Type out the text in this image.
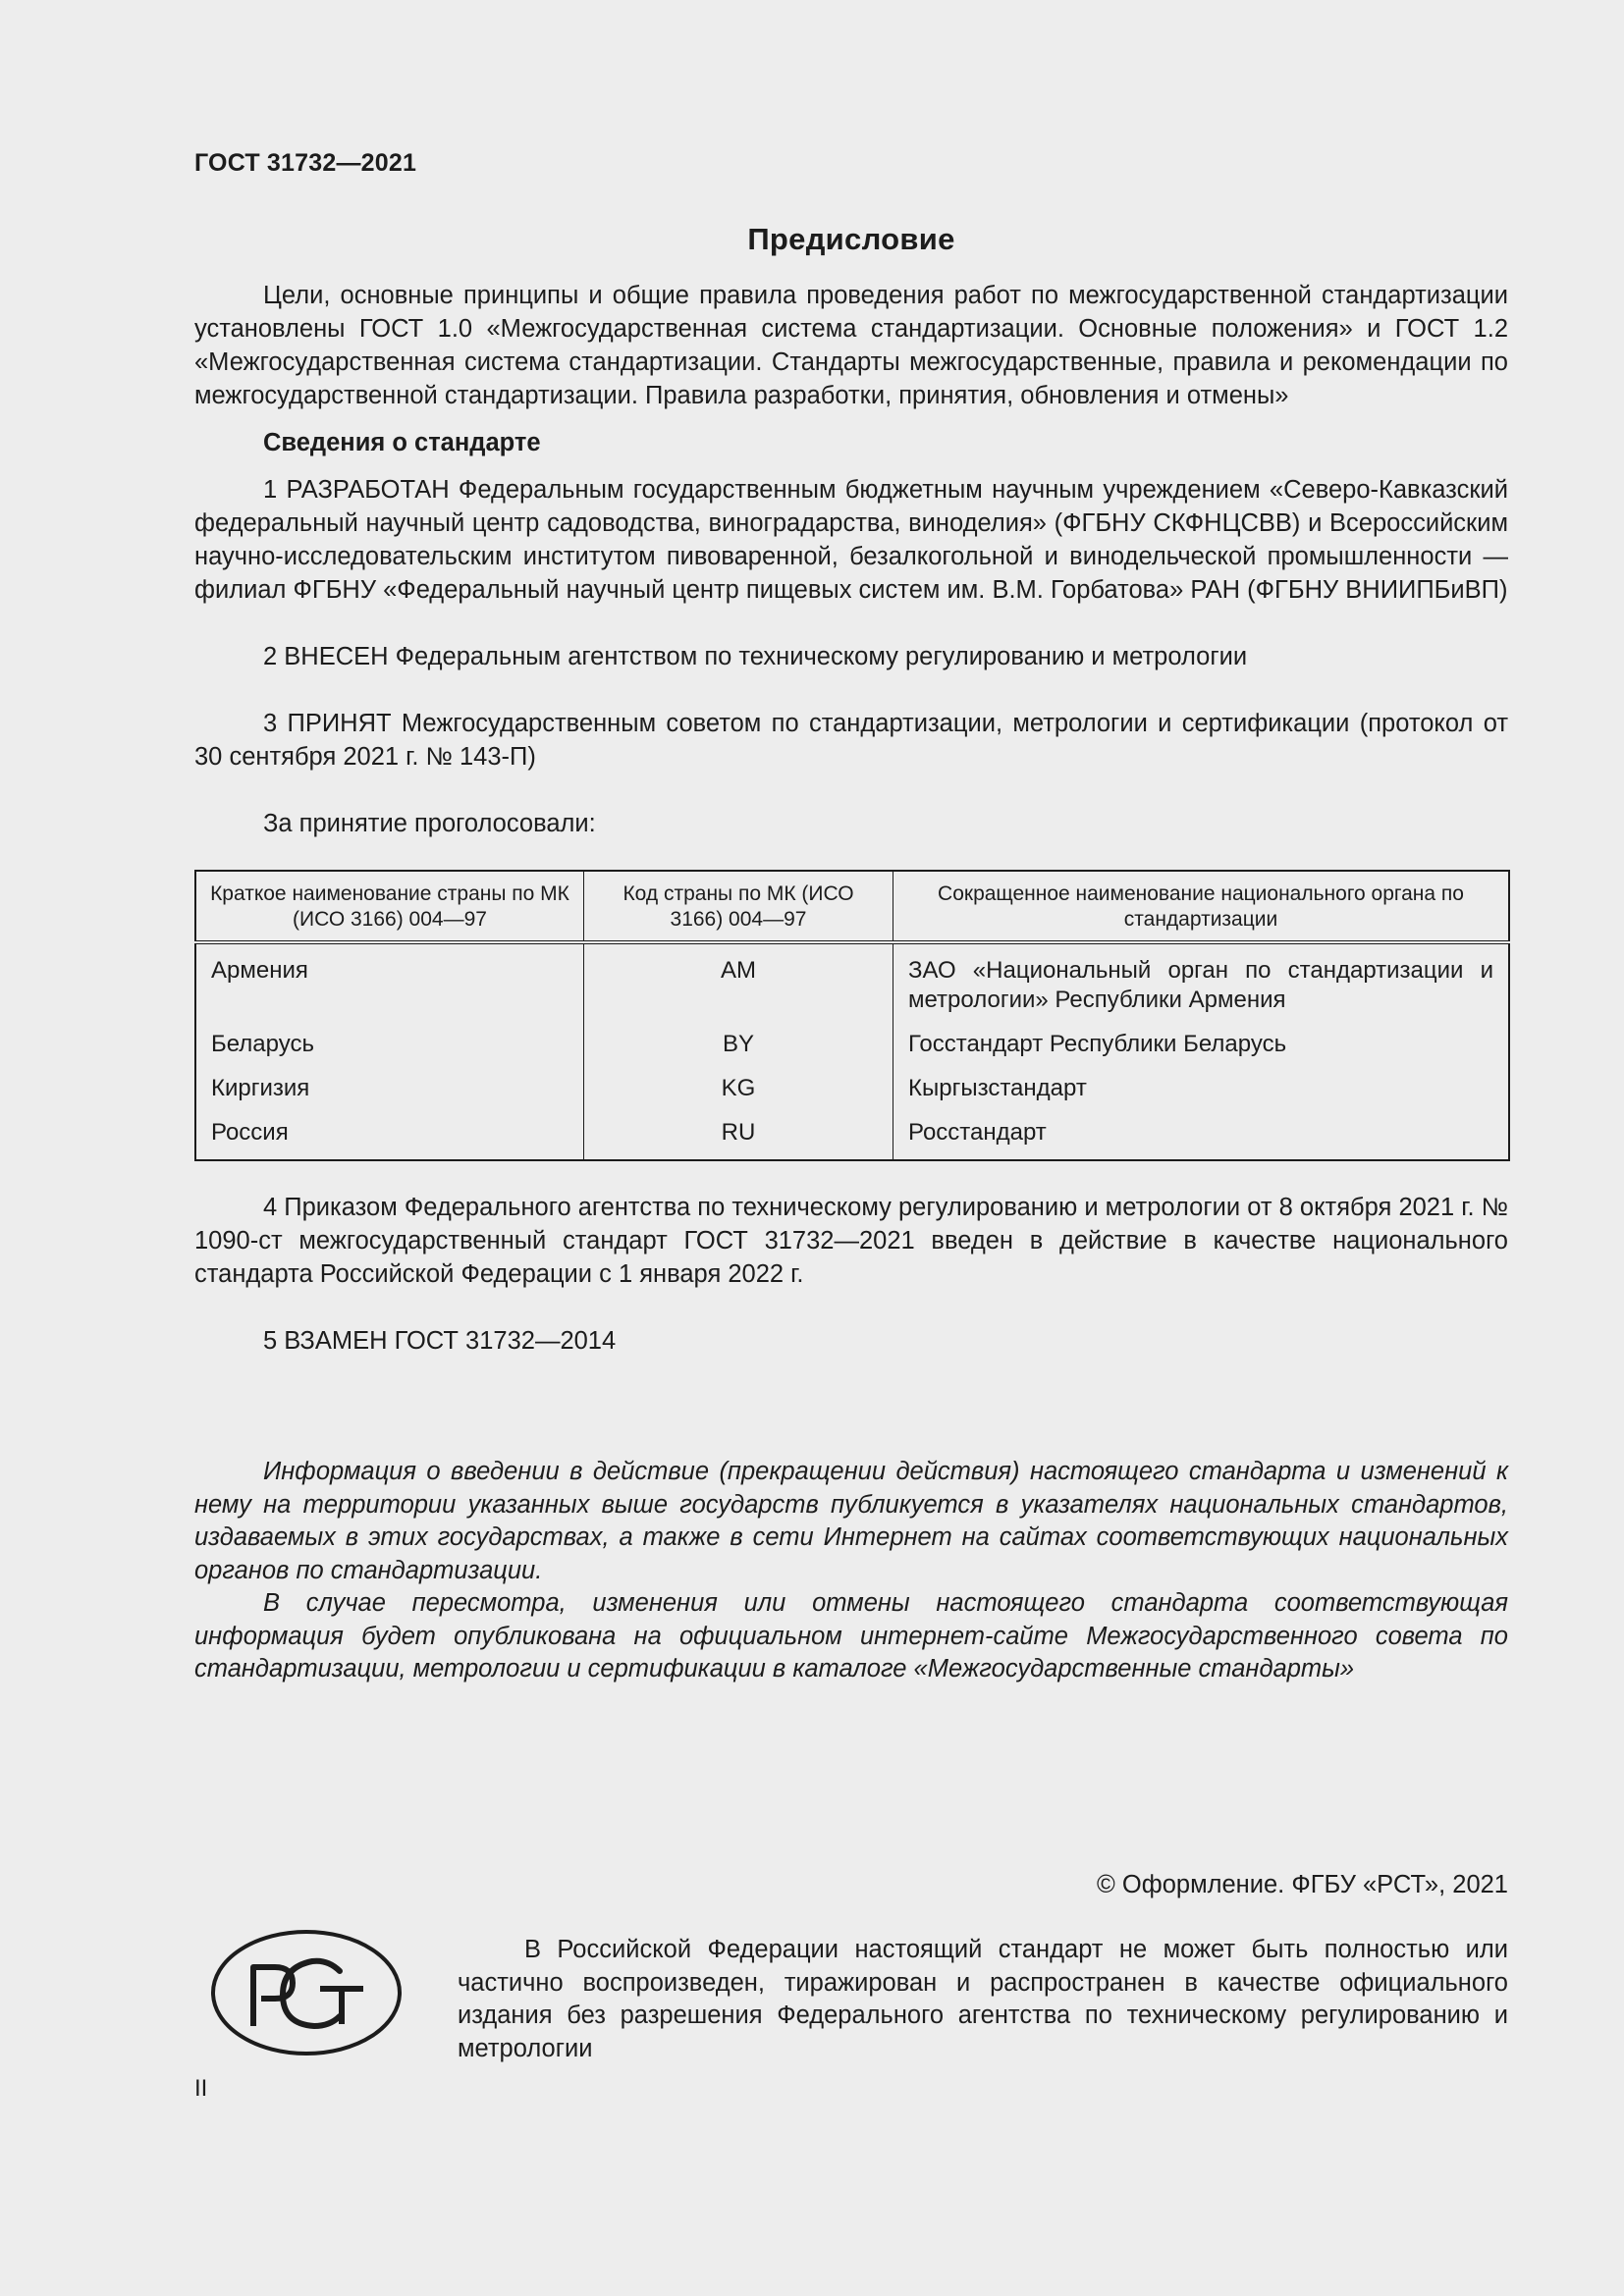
ГОСТ 31732—2021
Предисловие

Цели, основные принципы и общие правила проведения работ по межгосударственной стандартизации установлены ГОСТ 1.0 «Межгосударственная система стандартизации. Основные положения» и ГОСТ 1.2 «Межгосударственная система стандартизации. Стандарты межгосударственные, правила и рекомендации по межгосударственной стандартизации. Правила разработки, принятия, обновления и отмены»

Сведения о стандарте

1 РАЗРАБОТАН Федеральным государственным бюджетным научным учреждением «Северо-Кавказский федеральный научный центр садоводства, виноградарства, виноделия» (ФГБНУ СКФНЦСВВ) и Всероссийским научно-исследовательским институтом пивоваренной, безалкогольной и винодельческой промышленности — филиал ФГБНУ «Федеральный научный центр пищевых систем им. В.М. Горбатова» РАН (ФГБНУ ВНИИПБиВП)

2 ВНЕСЕН Федеральным агентством по техническому регулированию и метрологии

3 ПРИНЯТ Межгосударственным советом по стандартизации, метрологии и сертификации (протокол от 30 сентября 2021 г. № 143-П)

За принятие проголосовали:

Краткое наименование страны по МК (ИСО 3166) 004—97	Код страны по МК (ИСО 3166) 004—97	Сокращенное наименование национального органа по стандартизации
Армения	AM	ЗАО «Национальный орган по стандартизации и метрологии» Республики Армения
Беларусь	BY	Госстандарт Республики Беларусь
Киргизия	KG	Кыргызстандарт
Россия	RU	Росстандарт

4 Приказом Федерального агентства по техническому регулированию и метрологии от 8 октября 2021 г. № 1090-ст межгосударственный стандарт ГОСТ 31732—2021 введен в действие в качестве национального стандарта Российской Федерации с 1 января 2022 г.

5 ВЗАМЕН ГОСТ 31732—2014

Информация о введении в действие (прекращении действия) настоящего стандарта и изменений к нему на территории указанных выше государств публикуется в указателях национальных стандартов, издаваемых в этих государствах, а также в сети Интернет на сайтах соответствующих национальных органов по стандартизации.

В случае пересмотра, изменения или отмены настоящего стандарта соответствующая информация будет опубликована на официальном интернет-сайте Межгосударственного совета по стандартизации, метрологии и сертификации в каталоге «Межгосударственные стандарты»

© Оформление. ФГБУ «РСТ», 2021
В Российской Федерации настоящий стандарт не может быть полностью или частично воспроизведен, тиражирован и распространен в качестве официального издания без разрешения Федерального агентства по техническому регулированию и метрологии
II
